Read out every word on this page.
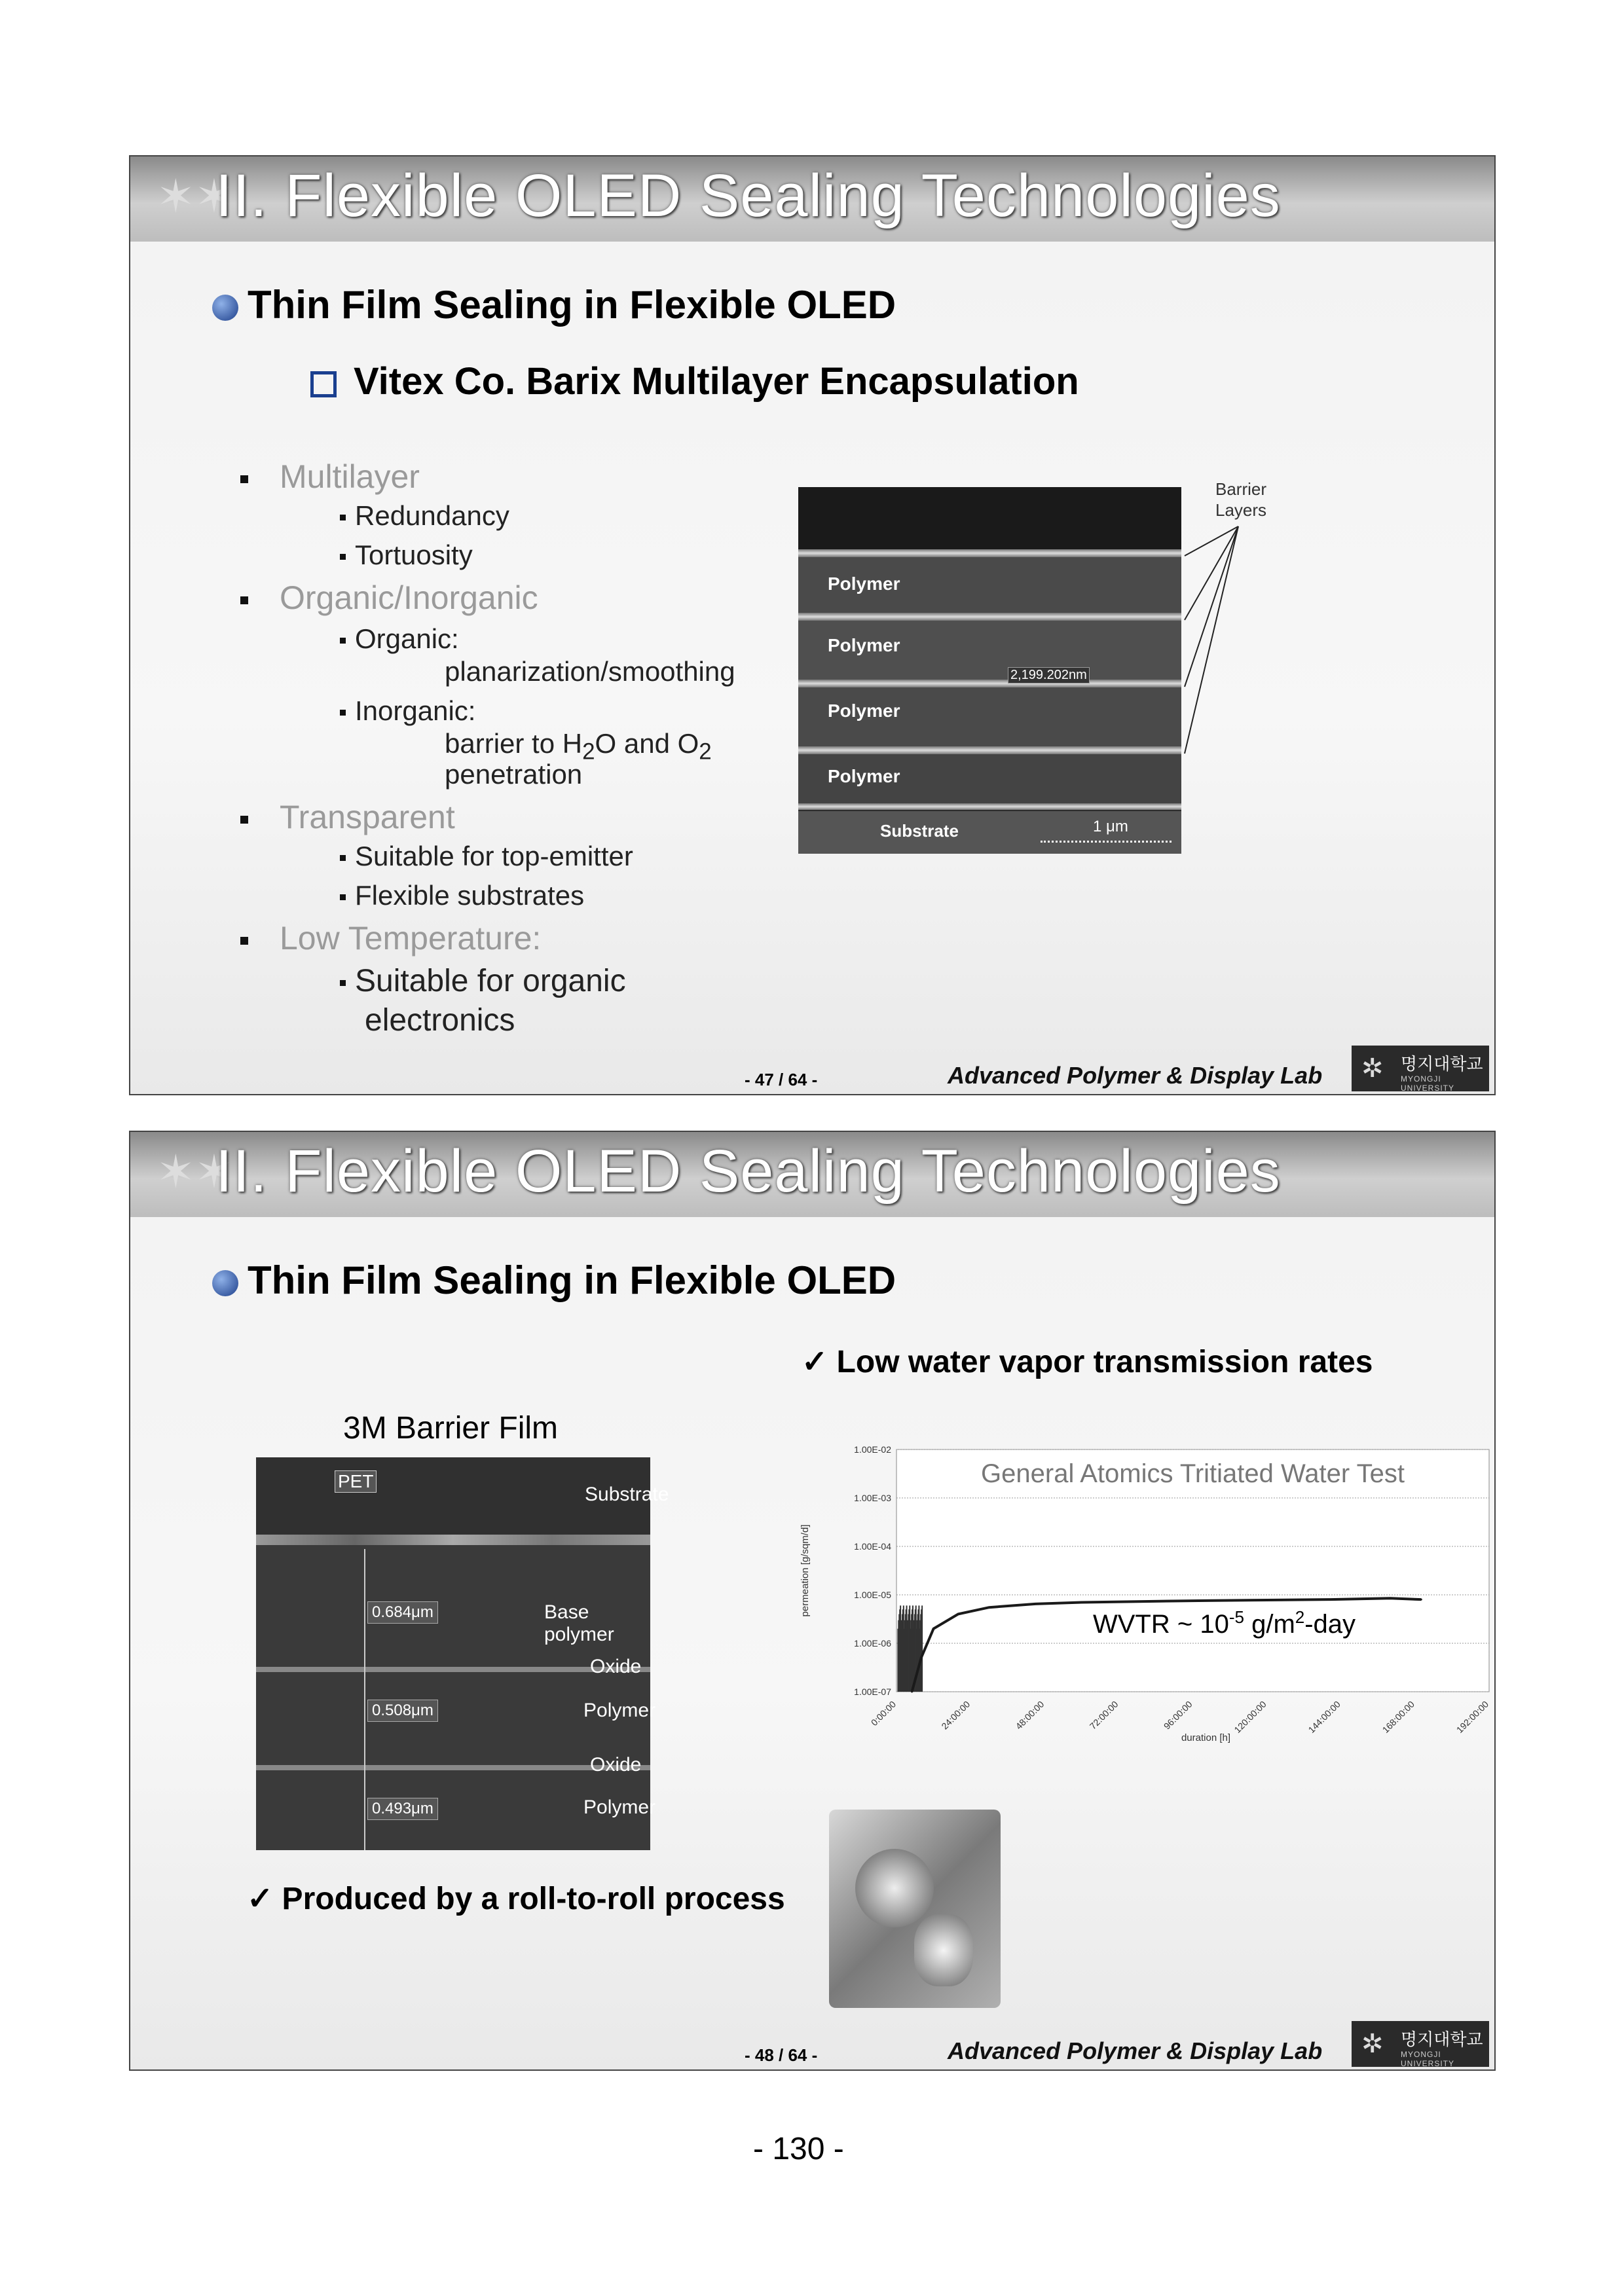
✶✶
II. Flexible OLED Sealing Technologies
Thin Film Sealing in Flexible OLED
Vitex Co. Barix Multilayer Encapsulation
Multilayer
Redundancy
Tortuosity
Organic/Inorganic
Organic:
planarization/smoothing
Inorganic:
barrier to $H_2O$ and $O_2$
penetration
Transparent
Suitable for top-emitter
Flexible substrates
Low Temperature:
Suitable for organic
electronics
Polymer
Polymer
Polymer
Polymer
2,199.202nm
Substrate	1 μm
Barrier
Layers
- 47 / 64 -	Advanced Polymer & Display Lab ✲ 명지대학교
MYONGJI UNIVERSITY
✶✶
II. Flexible OLED Sealing Technologies
Thin Film Sealing in Flexible OLED
✓ Low water vapor transmission rates
3M Barrier Film
PET
Substrate
Base polymer
Oxide
Polymer
Oxide
Polymer
0.684μm
0.508μm
0.493μm
1.00E-02
1.00E-03
1.00E-04
1.00E-05
1.00E-06
1.00E-07
0:00:00	24:00:00	48:00:00	72:00:00	96:00:00	120:00:00	144:00:00	168:00:00	192:00:00
General Atomics Tritiated Water Test
duration [h]
permeation [g/sqm/d]
WVTR ~ $10^{-5}$ $g/m^2$-day
✓ Produced by a roll-to-roll process
- 48 / 64 -	Advanced Polymer & Display Lab ✲ 명지대학교
MYONGJI UNIVERSITY
- 130 -
